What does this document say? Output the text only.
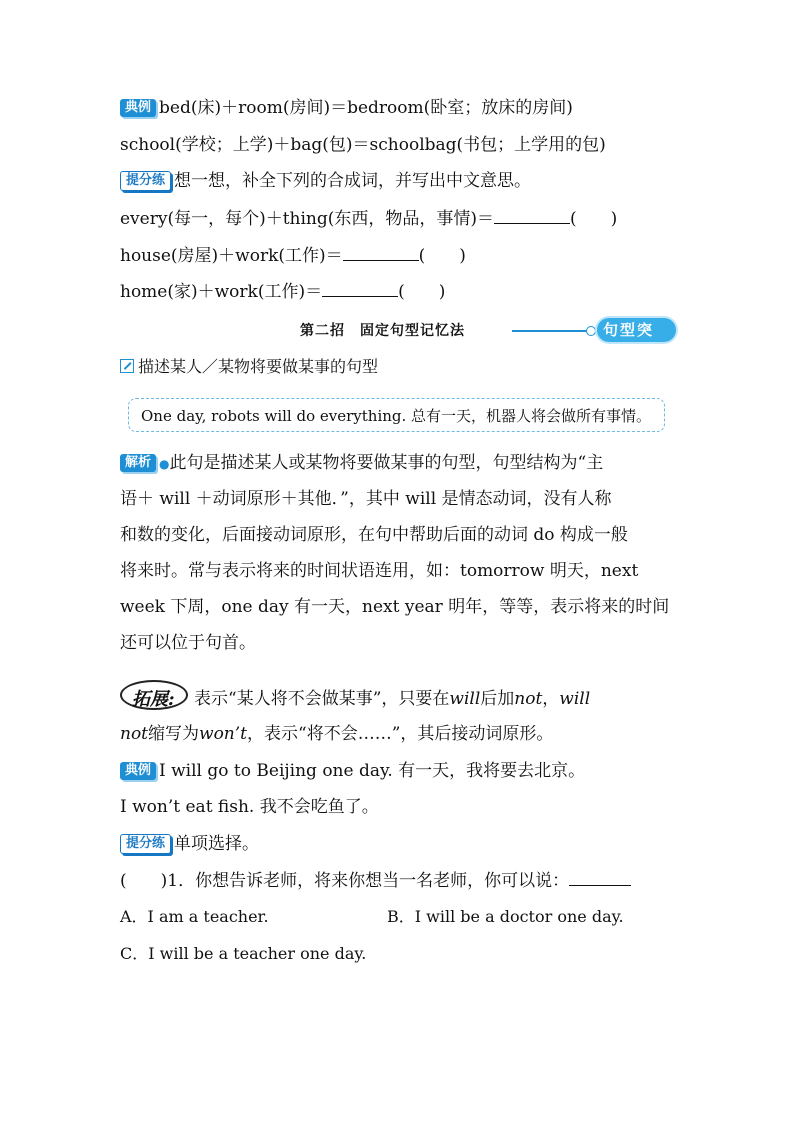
典例 bed(床)＋room(房间)＝bedroom(卧室；放床的房间)
school(学校；上学)＋bag(包)＝schoolbag(书包；上学用的包)
提分练 想一想，补全下列的合成词，并写出中文意思。
every(每一，每个)＋thing(东西，物品，事情)＝	(　　)
house(房屋)＋work(工作)＝	(　　)
home(家)＋work(工作)＝	(　　)
第二招　固定句型记忆法	句型突破
描述某人／某物将要做某事的句型
One day, robots will do everything. 总有一天，机器人将会做所有事情。
解析 ●此句是描述某人或某物将要做某事的句型，句型结构为“主
语＋ will ＋动词原形＋其他．”，其中 will 是情态动词，没有人称
和数的变化，后面接动词原形，在句中帮助后面的动词 do 构成一般
将来时。常与表示将来的时间状语连用，如：tomorrow 明天，next
week 下周，one day 有一天，next year 明年，等等，表示将来的时间
还可以位于句首。
拓展: 表示“某人将不会做某事”，只要在will后加not，will
not缩写为won’t，表示“将不会……”，其后接动词原形。
典例 I will go to Beijing one day. 有一天，我将要去北京。
I won’t eat fish. 我不会吃鱼了。
提分练 单项选择。
(　　)1．你想告诉老师，将来你想当一名老师，你可以说：
A．I am a teacher.	B．I will be a doctor one day.
C．I will be a teacher one day.
